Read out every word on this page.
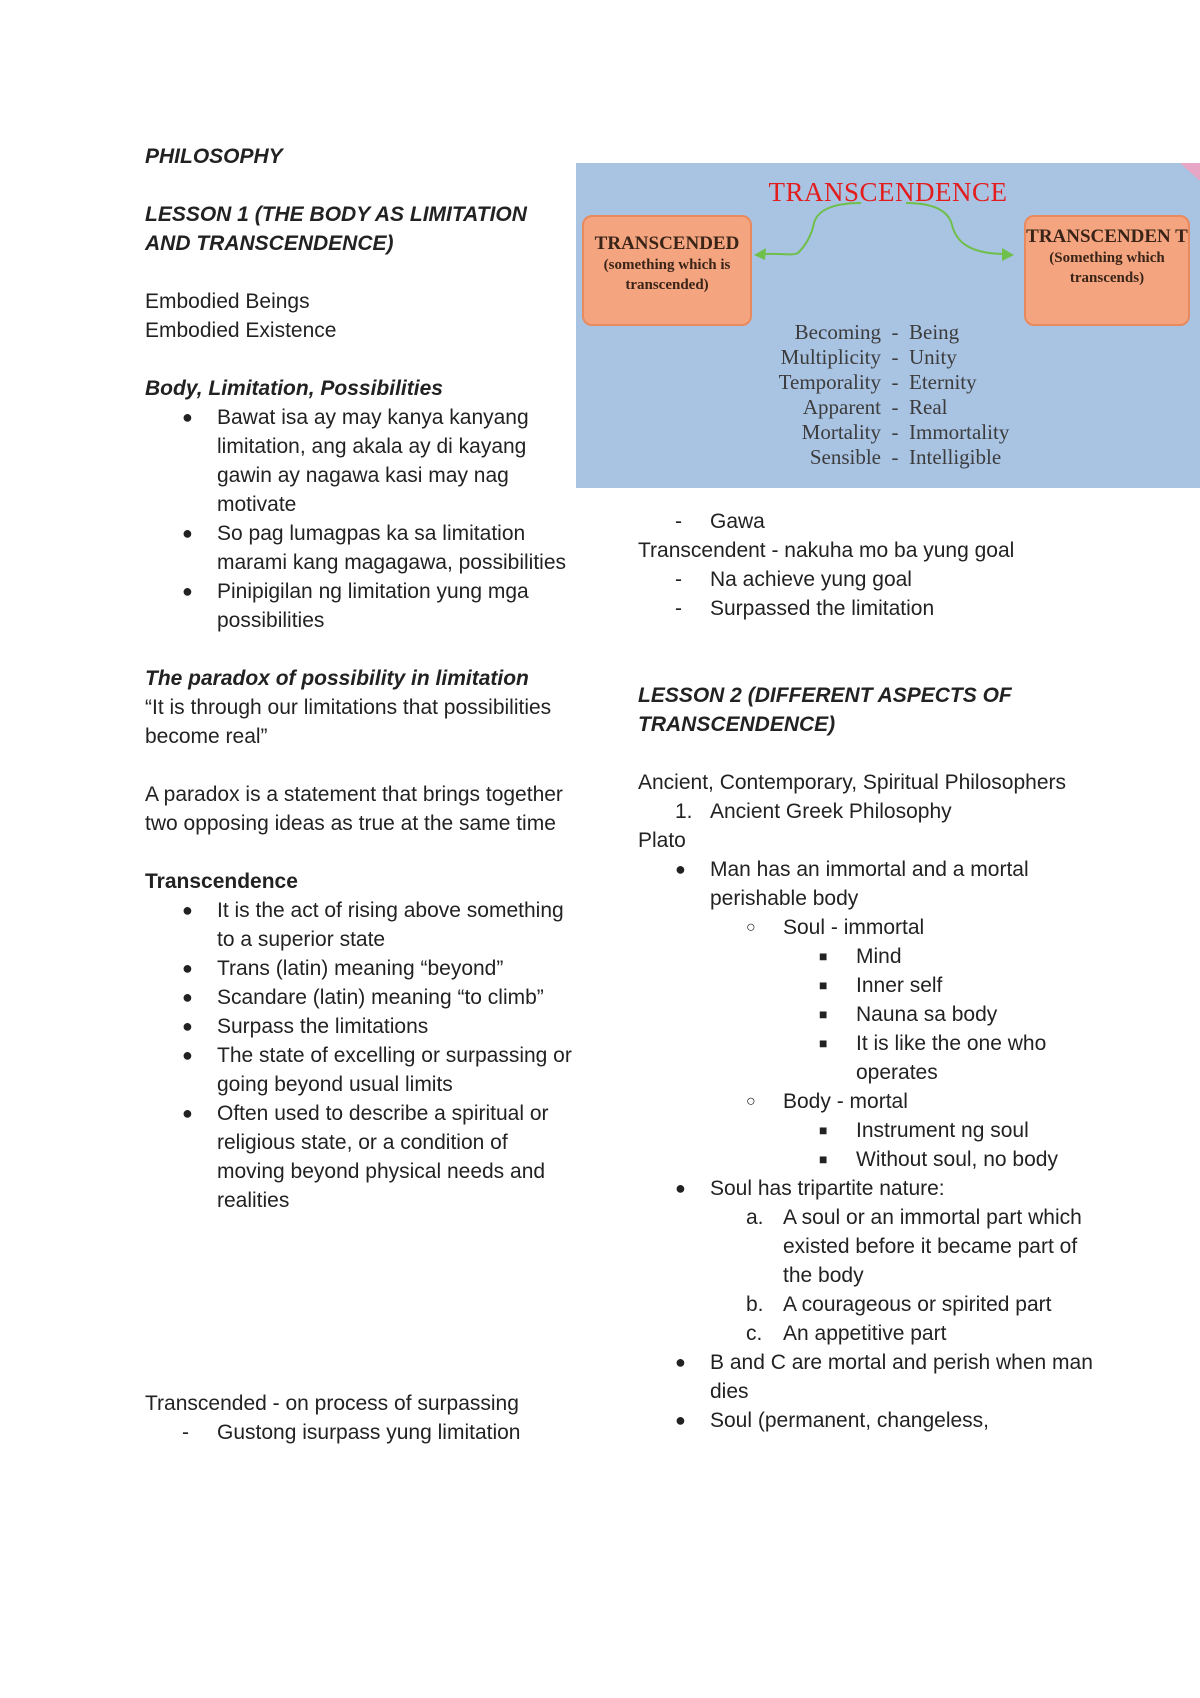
PHILOSOPHY

LESSON 1 (THE BODY AS LIMITATION AND TRANSCENDENCE)

Embodied Beings

Embodied Existence

Body, Limitation, Possibilities

● Bawat isa ay may kanya kanyang limitation, ang akala ay di kayang gawin ay nagawa kasi may nag motivate
● So pag lumagpas ka sa limitation marami kang magagawa, possibilities
● Pinipigilan ng limitation yung mga possibilities

The paradox of possibility in limitation

“It is through our limitations that possibilities become real”

A paradox is a statement that brings together two opposing ideas as true at the same time

Transcendence

● It is the act of rising above something to a superior state
● Trans (latin) meaning “beyond”
● Scandare (latin) meaning “to climb”
● Surpass the limitations
● The state of excelling or surpassing or going beyond usual limits
● Often used to describe a spiritual or religious state, or a condition of moving beyond physical needs and realities

Transcended - on process of surpassing

- Gustong isurpass yung limitation
TRANSCENDENCE
TRANSCENDED
(something which is transcended)
TRANSCENDEN T
(Something which transcends)
Becoming - Being
Multiplicity - Unity
Temporality - Eternity
Apparent - Real
Mortality - Immortality
Sensible - Intelligible
- Gawa

Transcendent - nakuha mo ba yung goal

- Na achieve yung goal
- Surpassed the limitation

LESSON 2 (DIFFERENT ASPECTS OF TRANSCENDENCE)

Ancient, Contemporary, Spiritual Philosophers

1. Ancient Greek Philosophy

Plato

● Man has an immortal and a mortal perishable body
○ Soul - immortal
■ Mind
■ Inner self
■ Nauna sa body
■ It is like the one who operates
○ Body - mortal
■ Instrument ng soul
■ Without soul, no body
● Soul has tripartite nature:
a. A soul or an immortal part which existed before it became part of the body
b. A courageous or spirited part
c. An appetitive part
● B and C are mortal and perish when man dies
● Soul (permanent, changeless,
